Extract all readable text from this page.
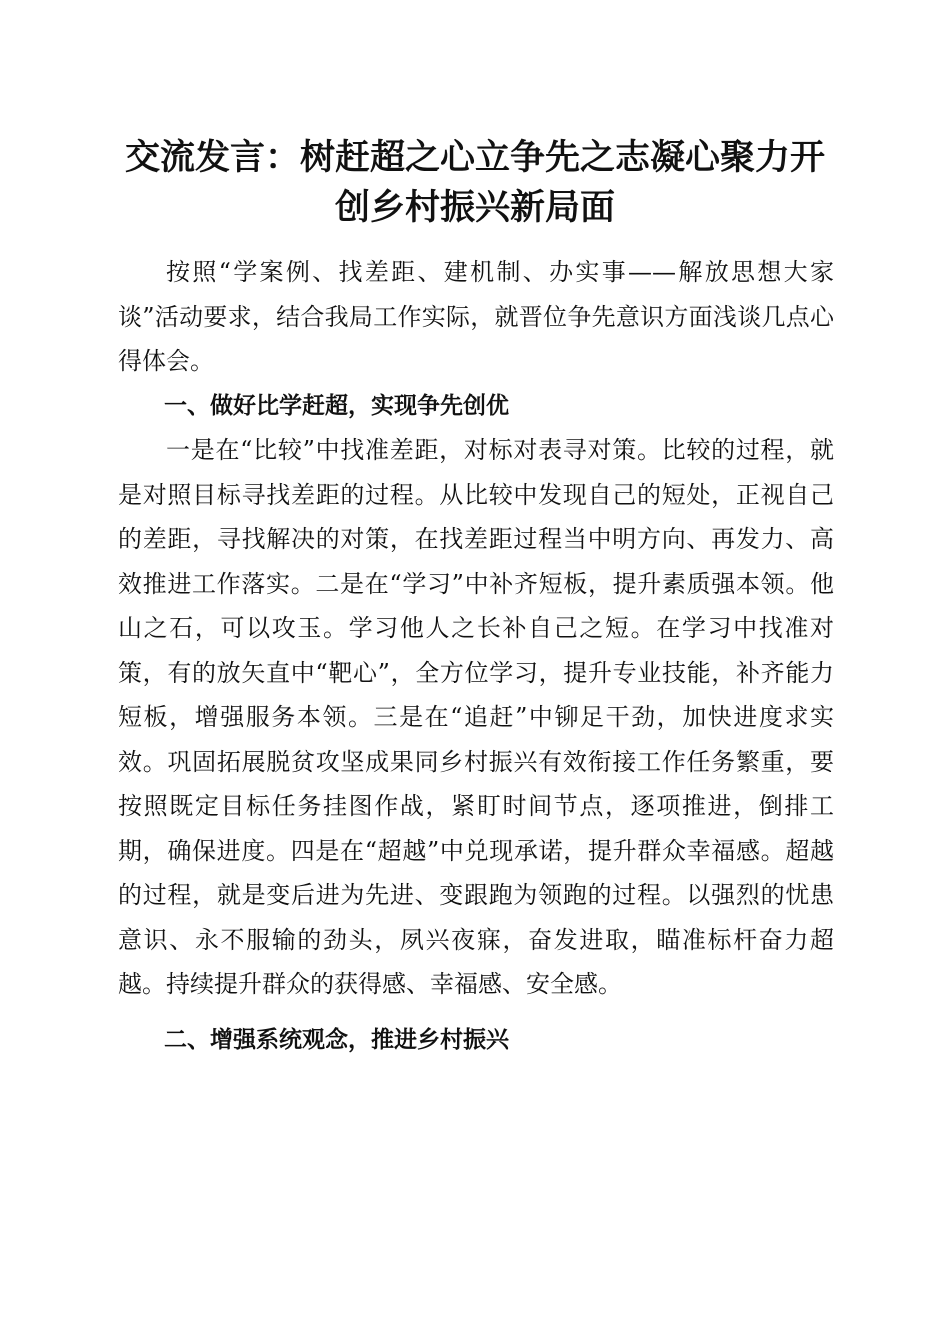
交流发言：树赶超之心立争先之志凝心聚力开
创乡村振兴新局面

按照“学案例、找差距、建机制、办实事——解放思想大家谈”活动要求，结合我局工作实际，就晋位争先意识方面浅谈几点心得体会。

一、做好比学赶超，实现争先创优

一是在“比较”中找准差距，对标对表寻对策。比较的过程，就是对照目标寻找差距的过程。从比较中发现自己的短处，正视自己的差距，寻找解决的对策，在找差距过程当中明方向、再发力、高效推进工作落实。二是在“学习”中补齐短板，提升素质强本领。他山之石，可以攻玉。学习他人之长补自己之短。在学习中找准对策，有的放矢直中“靶心”，全方位学习，提升专业技能，补齐能力短板，增强服务本领。三是在“追赶”中铆足干劲，加快进度求实效。巩固拓展脱贫攻坚成果同乡村振兴有效衔接工作任务繁重，要按照既定目标任务挂图作战，紧盯时间节点，逐项推进，倒排工期，确保进度。四是在“超越”中兑现承诺，提升群众幸福感。超越的过程，就是变后进为先进、变跟跑为领跑的过程。以强烈的忧患意识、永不服输的劲头，夙兴夜寐，奋发进取，瞄准标杆奋力超越。持续提升群众的获得感、幸福感、安全感。

二、增强系统观念，推进乡村振兴
